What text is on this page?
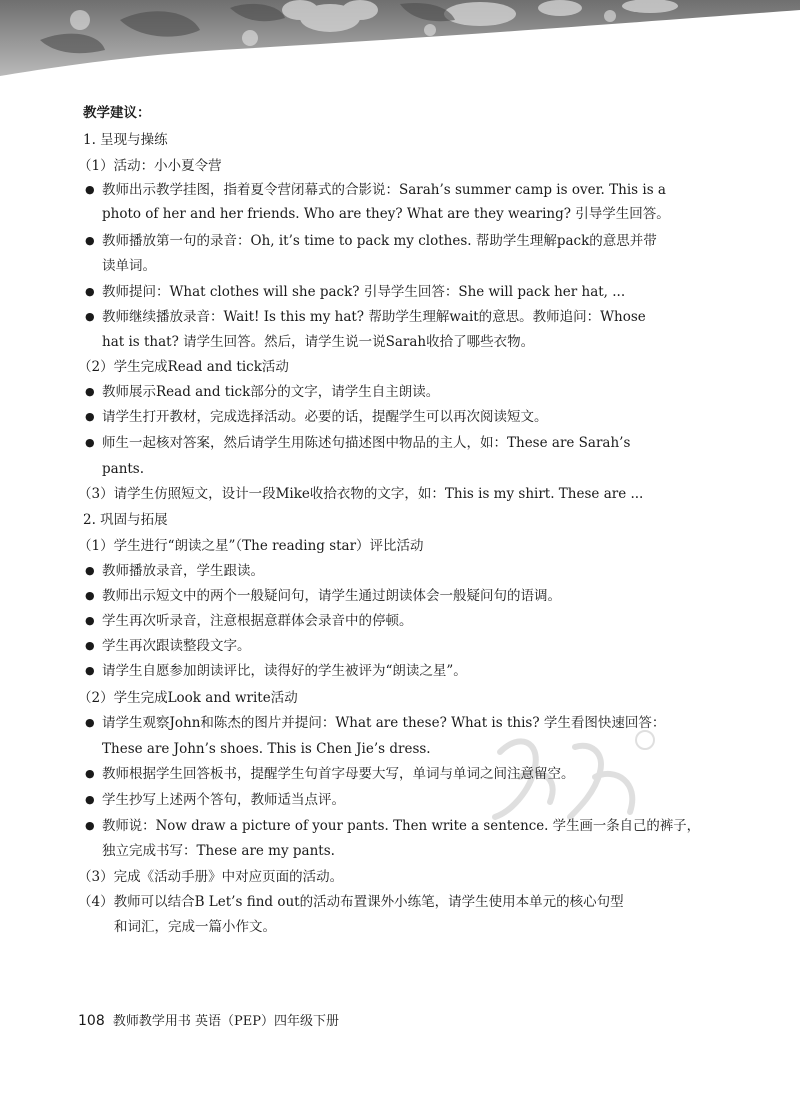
教学建议：
1. 呈现与操练
（1）活动：小小夏令营
● 教师出示教学挂图，指着夏令营闭幕式的合影说：Sarah’s summer camp is over. This is a
photo of her and her friends. Who are they? What are they wearing? 引导学生回答。
● 教师播放第一句的录音：Oh, it’s time to pack my clothes. 帮助学生理解pack的意思并带
读单词。
● 教师提问：What clothes will she pack? 引导学生回答：She will pack her hat, ...
● 教师继续播放录音：Wait! Is this my hat? 帮助学生理解wait的意思。教师追问：Whose
hat is that? 请学生回答。然后，请学生说一说Sarah收拾了哪些衣物。
（2）学生完成Read and tick活动
● 教师展示Read and tick部分的文字，请学生自主朗读。
● 请学生打开教材，完成选择活动。必要的话，提醒学生可以再次阅读短文。
● 师生一起核对答案，然后请学生用陈述句描述图中物品的主人，如：These are Sarah’s
pants.
（3）请学生仿照短文，设计一段Mike收拾衣物的文字，如：This is my shirt. These are ...
2. 巩固与拓展
（1）学生进行“朗读之星”（The reading star）评比活动
● 教师播放录音，学生跟读。
● 教师出示短文中的两个一般疑问句，请学生通过朗读体会一般疑问句的语调。
● 学生再次听录音，注意根据意群体会录音中的停顿。
● 学生再次跟读整段文字。
● 请学生自愿参加朗读评比，读得好的学生被评为“朗读之星”。
（2）学生完成Look and write活动
● 请学生观察John和陈杰的图片并提问：What are these? What is this? 学生看图快速回答：
These are John’s shoes. This is Chen Jie’s dress.
● 教师根据学生回答板书，提醒学生句首字母要大写，单词与单词之间注意留空。
● 学生抄写上述两个答句，教师适当点评。
● 教师说：Now draw a picture of your pants. Then write a sentence. 学生画一条自己的裤子，
独立完成书写：These are my pants.
（3）完成《活动手册》中对应页面的活动。
（4）教师可以结合B Let’s find out的活动布置课外小练笔，请学生使用本单元的核心句型
和词汇，完成一篇小作文。
108 教师教学用书 英语（PEP）四年级下册
